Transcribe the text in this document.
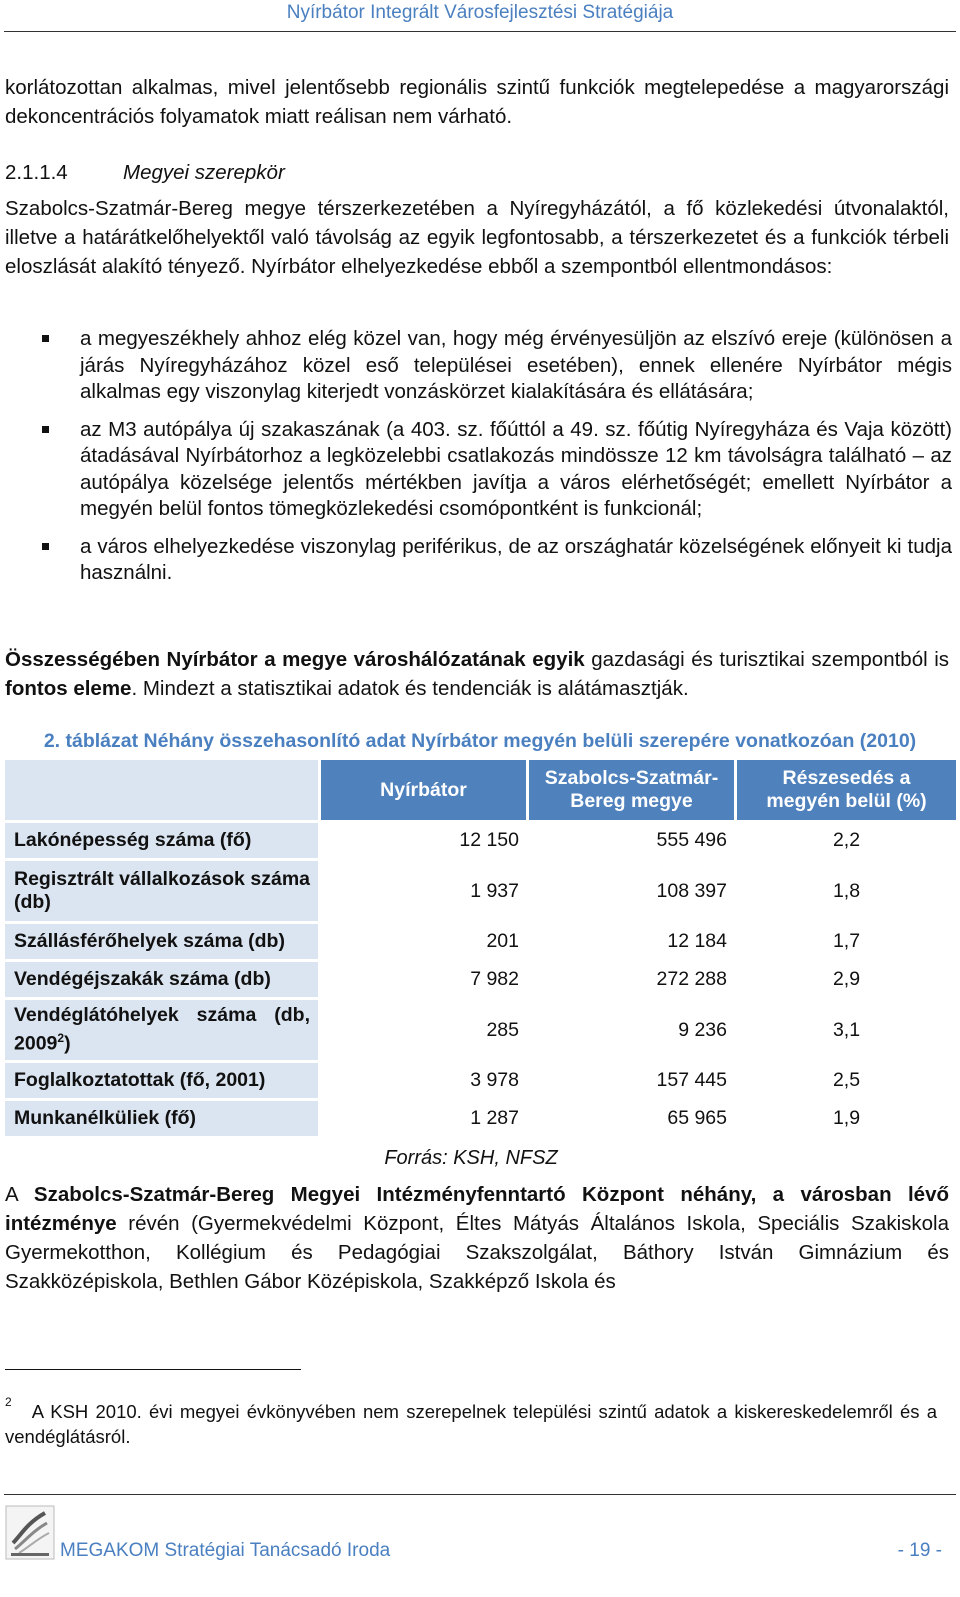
Nyírbátor Integrált Városfejlesztési Stratégiája
korlátozottan alkalmas, mivel jelentősebb regionális szintű funkciók megtelepedése a magyarországi dekoncentrációs folyamatok miatt reálisan nem várható.
2.1.1.4	Megyei szerepkör
Szabolcs-Szatmár-Bereg megye térszerkezetében a Nyíregyházától, a fő közlekedési útvonalaktól, illetve a határátkelőhelyektől való távolság az egyik legfontosabb, a térszerkezetet és a funkciók térbeli eloszlását alakító tényező. Nyírbátor elhelyezkedése ebből a szempontból ellentmondásos:
a megyeszékhely ahhoz elég közel van, hogy még érvényesüljön az elszívó ereje (különösen a járás Nyíregyházához közel eső települései esetében), ennek ellenére Nyírbátor mégis alkalmas egy viszonylag kiterjedt vonzáskörzet kialakítására és ellátására;
az M3 autópálya új szakaszának (a 403. sz. főúttól a 49. sz. főútig Nyíregyháza és Vaja között) átadásával Nyírbátorhoz a legközelebbi csatlakozás mindössze 12 km távolságra található – az autópálya közelsége jelentős mértékben javítja a város elérhetőségét; emellett Nyírbátor a megyén belül fontos tömegközlekedési csomópontként is funkcionál;
a város elhelyezkedése viszonylag periférikus, de az országhatár közelségének előnyeit ki tudja használni.
Összességében Nyírbátor a megye városhálózatának egyik gazdasági és turisztikai szempontból is fontos eleme. Mindezt a statisztikai adatok és tendenciák is alátámasztják.
2. táblázat Néhány összehasonlító adat Nyírbátor megyén belüli szerepére vonatkozóan (2010)
	Nyírbátor	Szabolcs-Szatmár-Bereg megye	Részesedés a megyén belül (%)
Lakónépesség száma (fő)	12 150	555 496	2,2
Regisztrált vállalkozások száma (db)	1 937	108 397	1,8
Szállásférőhelyek száma (db)	201	12 184	1,7
Vendégéjszakák száma (db)	7 982	272 288	2,9
Vendéglátóhelyek száma (db, 2009$^2$)	285	9 236	3,1
Foglalkoztatottak (fő, 2001)	3 978	157 445	2,5
Munkanélküliek (fő)	1 287	65 965	1,9
Forrás: KSH, NFSZ
A Szabolcs-Szatmár-Bereg Megyei Intézményfenntartó Központ néhány, a városban lévő intézménye révén (Gyermekvédelmi Központ, Éltes Mátyás Általános Iskola, Speciális Szakiskola Gyermekotthon, Kollégium és Pedagógiai Szakszolgálat, Báthory István Gimnázium és Szakközépiskola, Bethlen Gábor Középiskola, Szakképző Iskola és
$^2$ A KSH 2010. évi megyei évkönyvében nem szerepelnek települési szintű adatok a kiskereskedelemről és a vendéglátásról.
MEGAKOM Stratégiai Tanácsadó Iroda	- 19 -
